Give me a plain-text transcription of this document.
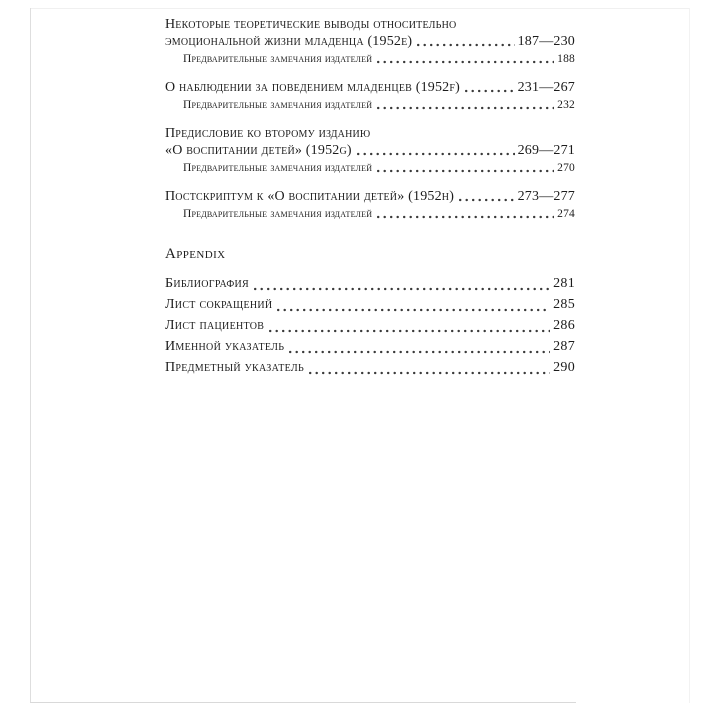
Некоторые теоретические выводы относительно
эмоциональной жизни младенца (1952e)	187—230
Предварительные замечания издателей	188
О наблюдении за поведением младенцев (1952f)	231—267
Предварительные замечания издателей	232
Предисловие ко второму изданию
«О воспитании детей» (1952g)	269—271
Предварительные замечания издателей	270
Постскриптум к «О воспитании детей» (1952h)	273—277
Предварительные замечания издателей	274
Appendix
Библиография	281
Лист сокращений	285
Лист пациентов	286
Именной указатель	287
Предметный указатель	290
